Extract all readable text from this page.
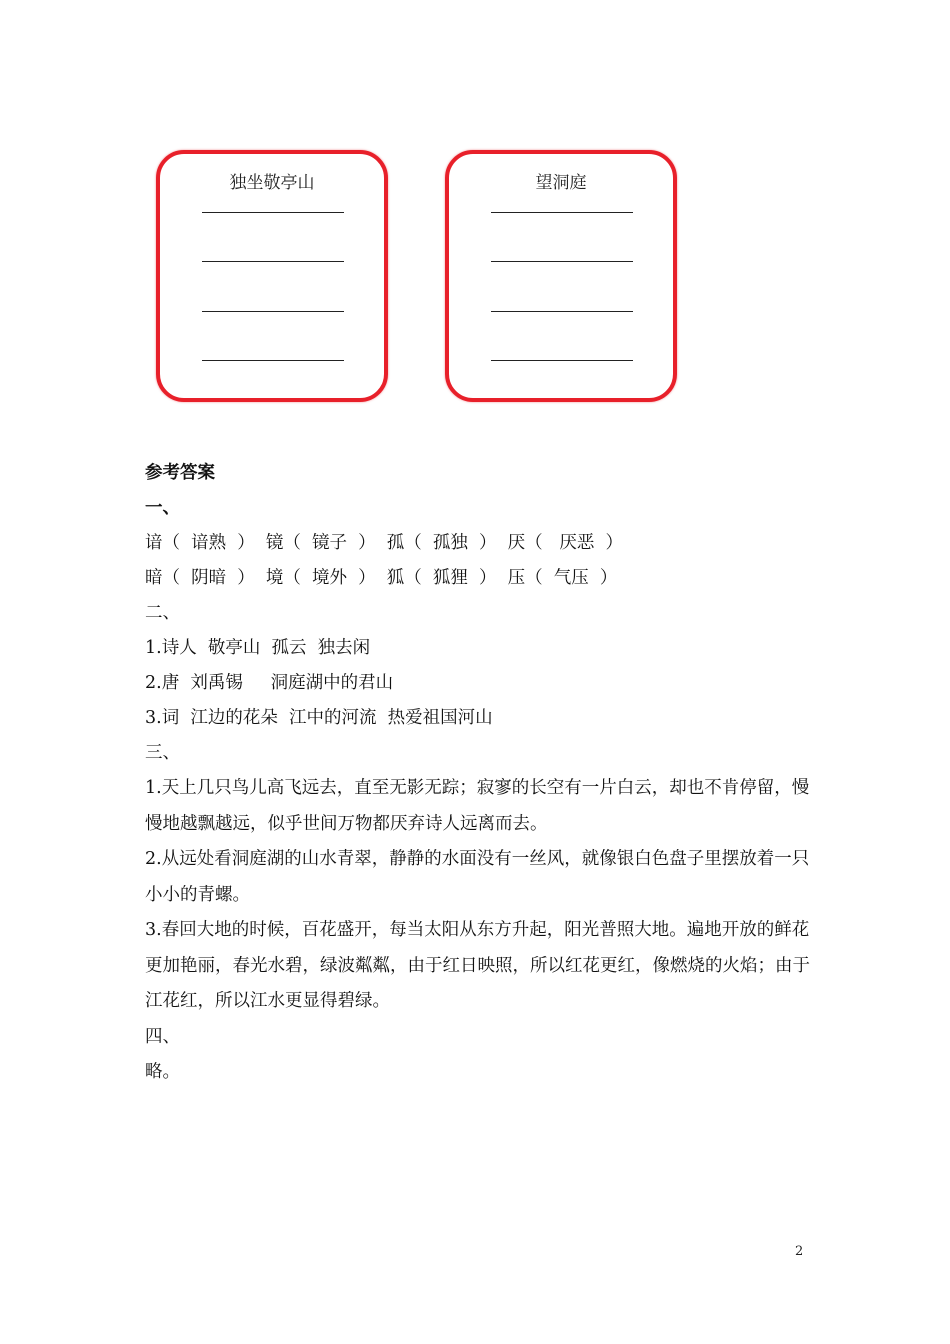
独坐敬亭山	望洞庭
参考答案
一、
谙（  谙熟  ）  镜（  镜子  ）  孤（  孤独  ）  厌（   厌恶  ）
暗（  阴暗  ）  境（  境外  ）  狐（  狐狸  ）  压（  气压  ）
二、
1.诗人  敬亭山  孤云  独去闲
2.唐  刘禹锡     洞庭湖中的君山
3.词  江边的花朵  江中的河流  热爱祖国河山
三、
1.天上几只鸟儿高飞远去，直至无影无踪；寂寥的长空有一片白云，却也不肯停留，慢慢地越飘越远，似乎世间万物都厌弃诗人远离而去。
2.从远处看洞庭湖的山水青翠，静静的水面没有一丝风，就像银白色盘子里摆放着一只小小的青螺。
3.春回大地的时候，百花盛开，每当太阳从东方升起，阳光普照大地。遍地开放的鲜花更加艳丽，春光水碧，绿波粼粼，由于红日映照，所以红花更红，像燃烧的火焰；由于江花红，所以江水更显得碧绿。
四、
略。
2
